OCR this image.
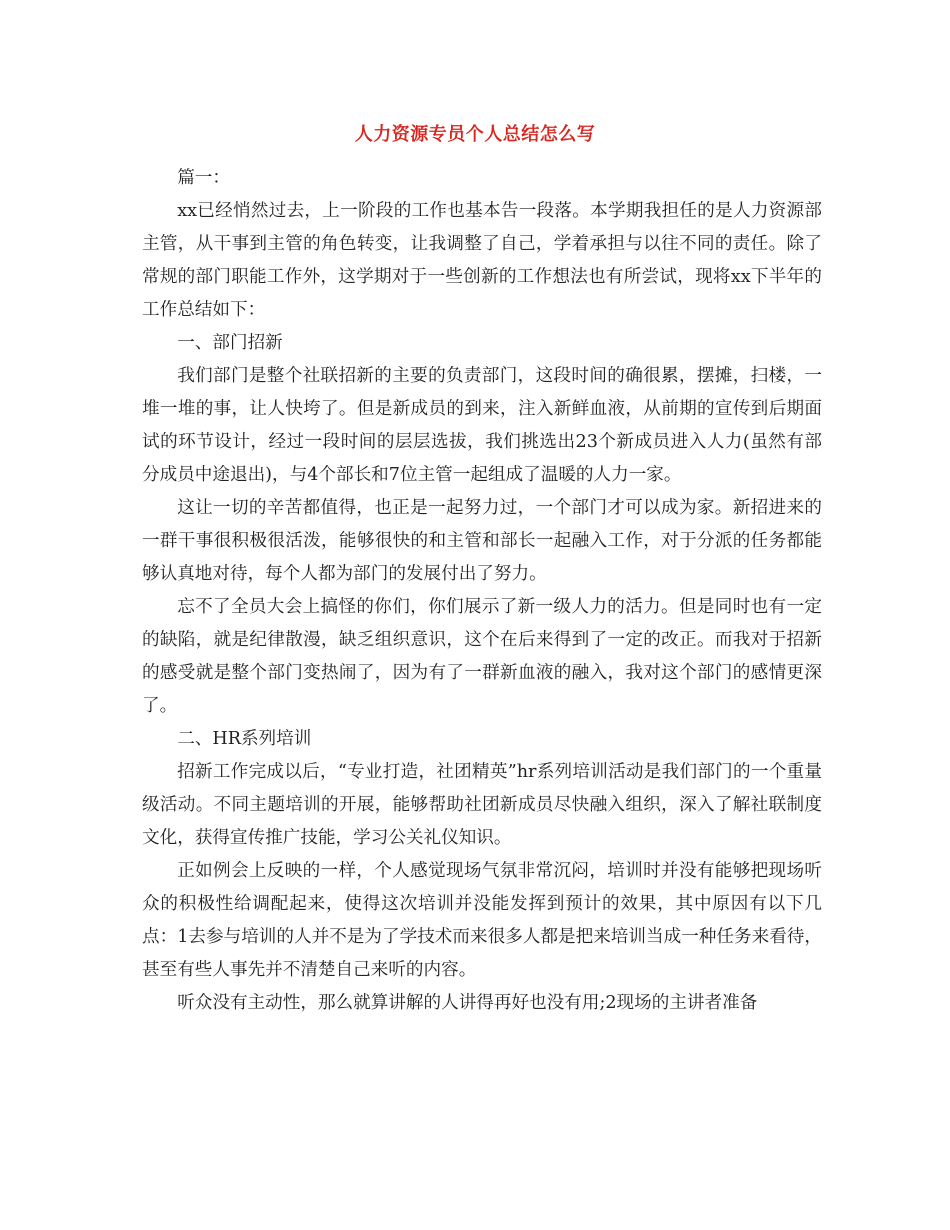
人力资源专员个人总结怎么写

篇一：

xx已经悄然过去，上一阶段的工作也基本告一段落。本学期我担任的是人力资源部主管，从干事到主管的角色转变，让我调整了自己，学着承担与以往不同的责任。除了常规的部门职能工作外，这学期对于一些创新的工作想法也有所尝试，现将xx下半年的工作总结如下：

一、部门招新

我们部门是整个社联招新的主要的负责部门，这段时间的确很累，摆摊，扫楼，一堆一堆的事，让人快垮了。但是新成员的到来，注入新鲜血液，从前期的宣传到后期面试的环节设计，经过一段时间的层层选拔，我们挑选出23个新成员进入人力(虽然有部分成员中途退出)，与4个部长和7位主管一起组成了温暖的人力一家。

这让一切的辛苦都值得，也正是一起努力过，一个部门才可以成为家。新招进来的一群干事很积极很活泼，能够很快的和主管和部长一起融入工作，对于分派的任务都能够认真地对待，每个人都为部门的发展付出了努力。

忘不了全员大会上搞怪的你们，你们展示了新一级人力的活力。但是同时也有一定的缺陷，就是纪律散漫，缺乏组织意识，这个在后来得到了一定的改正。而我对于招新的感受就是整个部门变热闹了，因为有了一群新血液的融入，我对这个部门的感情更深了。

二、HR系列培训

招新工作完成以后，“专业打造，社团精英”hr系列培训活动是我们部门的一个重量级活动。不同主题培训的开展，能够帮助社团新成员尽快融入组织，深入了解社联制度文化，获得宣传推广技能，学习公关礼仪知识。

正如例会上反映的一样，个人感觉现场气氛非常沉闷，培训时并没有能够把现场听众的积极性给调配起来，使得这次培训并没能发挥到预计的效果，其中原因有以下几点：1去参与培训的人并不是为了学技术而来很多人都是把来培训当成一种任务来看待，甚至有些人事先并不清楚自己来听的内容。

听众没有主动性，那么就算讲解的人讲得再好也没有用;2现场的主讲者准备
